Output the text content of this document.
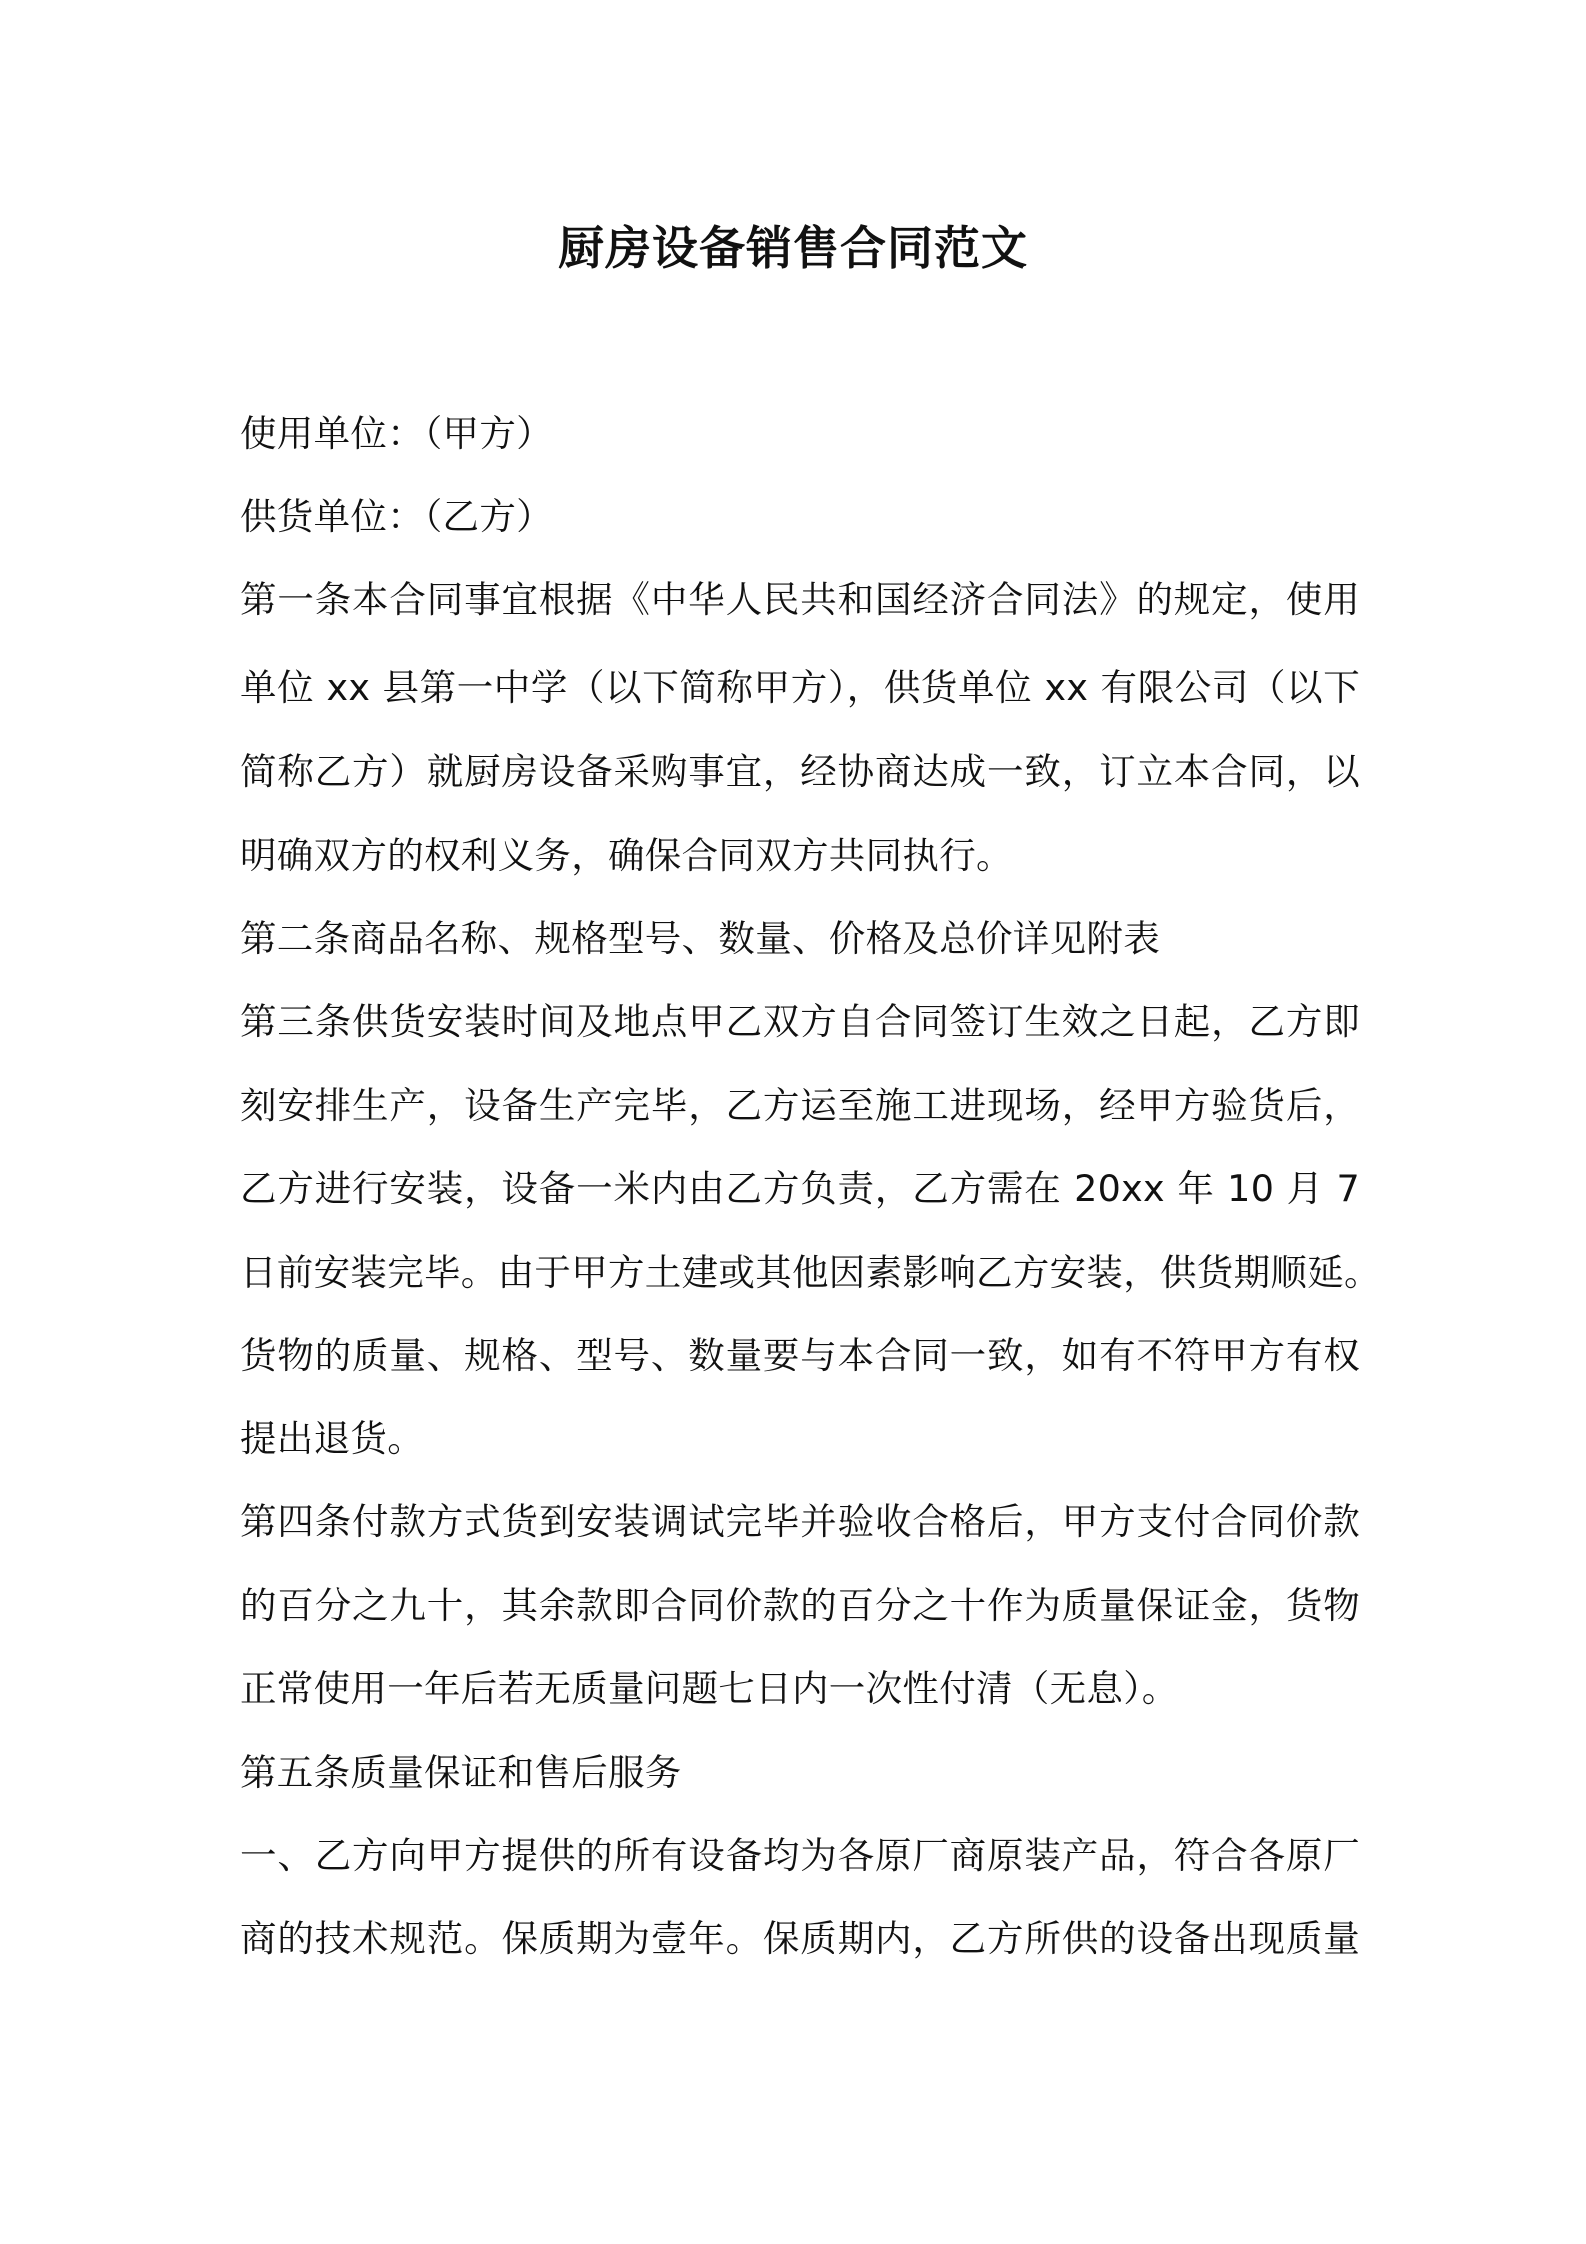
厨房设备销售合同范文
使用单位：（甲方）
供货单位：（乙方）
第一条本合同事宜根据《中华人民共和国经济合同法》的规定，使用
单位 xx 县第一中学（以下简称甲方），供货单位 xx 有限公司（以下
简称乙方）就厨房设备采购事宜，经协商达成一致，订立本合同，以
明确双方的权利义务，确保合同双方共同执行。
第二条商品名称、规格型号、数量、价格及总价详见附表
第三条供货安装时间及地点甲乙双方自合同签订生效之日起，乙方即
刻安排生产，设备生产完毕，乙方运至施工进现场，经甲方验货后，
乙方进行安装，设备一米内由乙方负责，乙方需在 20xx 年 10 月 7
日前安装完毕。由于甲方土建或其他因素影响乙方安装，供货期顺延。
货物的质量、规格、型号、数量要与本合同一致，如有不符甲方有权
提出退货。
第四条付款方式货到安装调试完毕并验收合格后，甲方支付合同价款
的百分之九十，其余款即合同价款的百分之十作为质量保证金，货物
正常使用一年后若无质量问题七日内一次性付清（无息）。
第五条质量保证和售后服务
一、乙方向甲方提供的所有设备均为各原厂商原装产品，符合各原厂
商的技术规范。保质期为壹年。保质期内，乙方所供的设备出现质量
